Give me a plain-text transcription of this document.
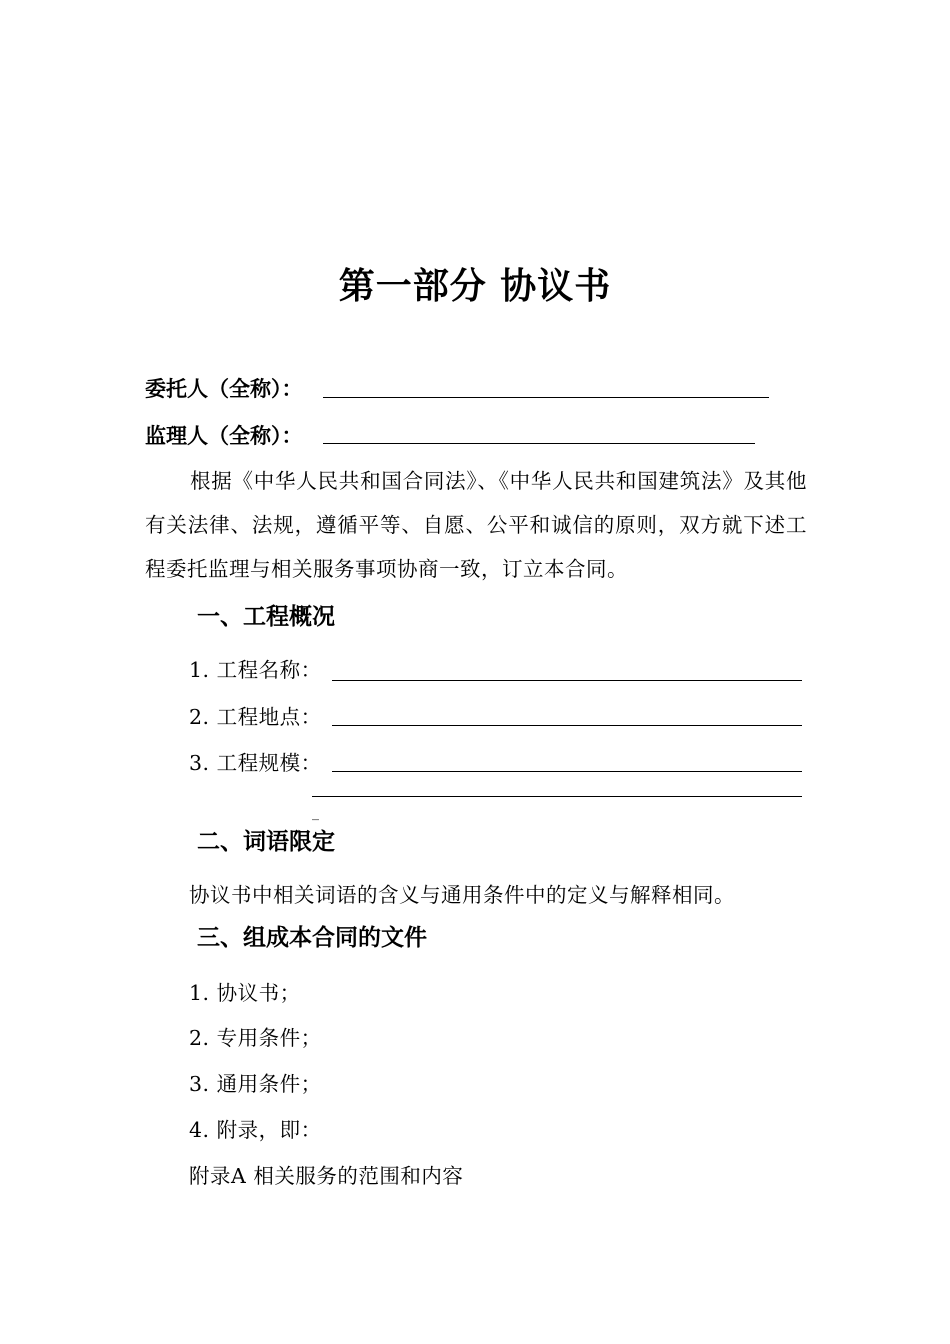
第一部分 协议书
委托人（全称）：
监理人（全称）：
根据《中华人民共和国合同法》、《中华人民共和国建筑法》及其他有关法律、法规，遵循平等、自愿、公平和诚信的原则，双方就下述工程委托监理与相关服务事项协商一致，订立本合同。
一、工程概况
1. 工程名称：
2. 工程地点：
3. 工程规模：
_
二、词语限定
协议书中相关词语的含义与通用条件中的定义与解释相同。
三、组成本合同的文件
1. 协议书；
2. 专用条件；
3. 通用条件；
4. 附录，即：
附录A 相关服务的范围和内容
